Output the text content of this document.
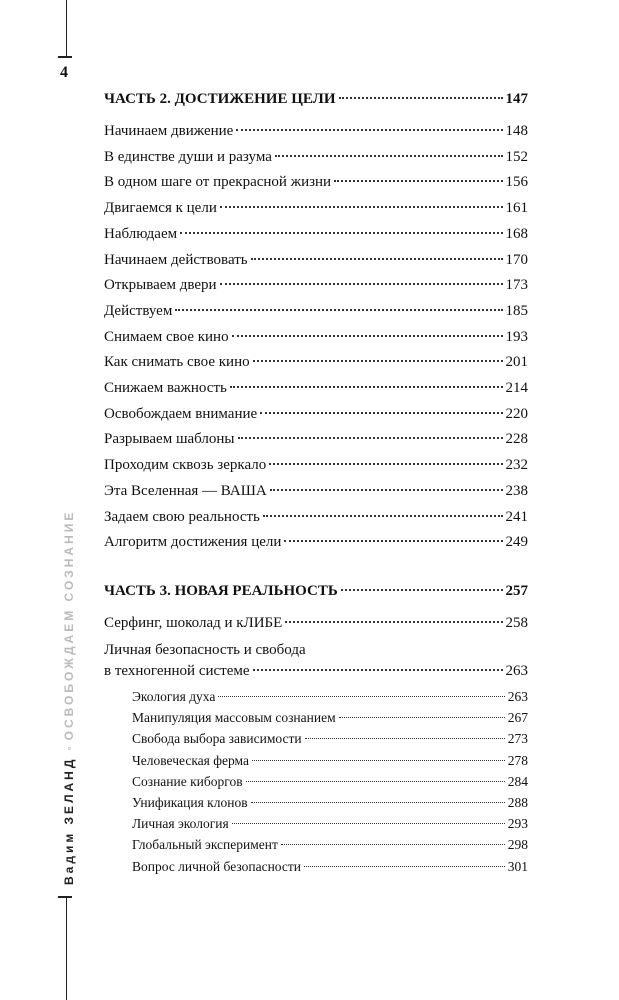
4
Вадим ЗЕЛАНД◦ОСВОБОЖДАЕМ СОЗНАНИЕ
ЧАСТЬ 2. ДОСТИЖЕНИЕ ЦЕЛИ	147
Начинаем движение	148
В единстве души и разума	152
В одном шаге от прекрасной жизни	156
Двигаемся к цели	161
Наблюдаем	168
Начинаем действовать	170
Открываем двери	173
Действуем	185
Снимаем свое кино	193
Как снимать свое кино	201
Снижаем важность	214
Освобождаем внимание	220
Разрываем шаблоны	228
Проходим сквозь зеркало	232
Эта Вселенная — ВАША	238
Задаем свою реальность	241
Алгоритм достижения цели	249
ЧАСТЬ 3. НОВАЯ РЕАЛЬНОСТЬ	257
Серфинг, шоколад и кЛИБЕ	258
Личная безопасность и свобода
в техногенной системе	263
Экология духа	263
Манипуляция массовым сознанием	267
Свобода выбора зависимости	273
Человеческая ферма	278
Сознание киборгов	284
Унификация клонов	288
Личная экология	293
Глобальный эксперимент	298
Вопрос личной безопасности	301
